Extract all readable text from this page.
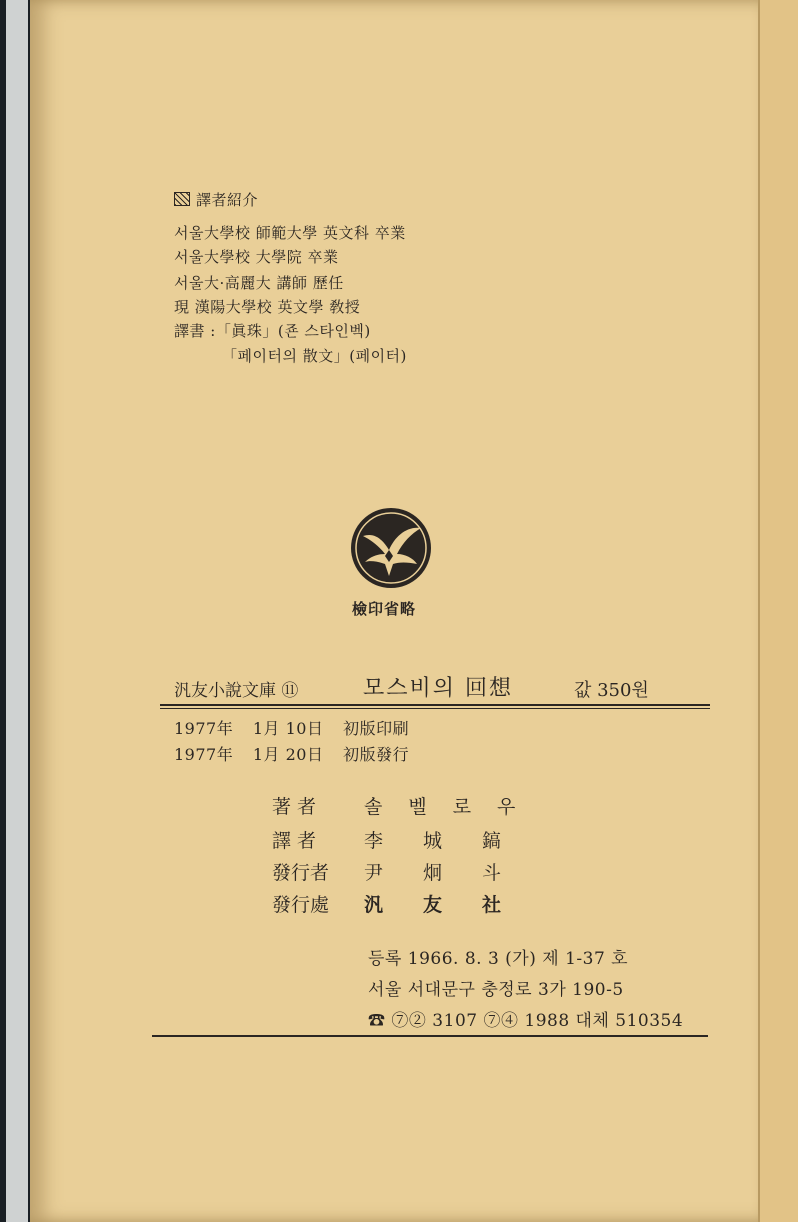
譯者紹介
서울大學校 師範大學 英文科 卒業
서울大學校 大學院 卒業
서울大·高麗大 講師 歷任
現 漢陽大學校 英文學 敎授
譯書 :「眞珠」(죤 스타인벡)
「페이터의 散文」(페이터)
檢印省略
汎友小說文庫 ⑪	모스비의 回想	값 350원
1977年 1月 10日 初版印刷
1977年 1月 20日 初版發行
著 者	솔벨로우
譯 者	李城鎬
發行者	尹炯斗
發行處	汎友社
등록 1966. 8. 3 (가) 제 1-37 호
서울 서대문구 충정로 3가 190-5
☎ ⑦② 3107 ⑦④ 1988 대체 510354
